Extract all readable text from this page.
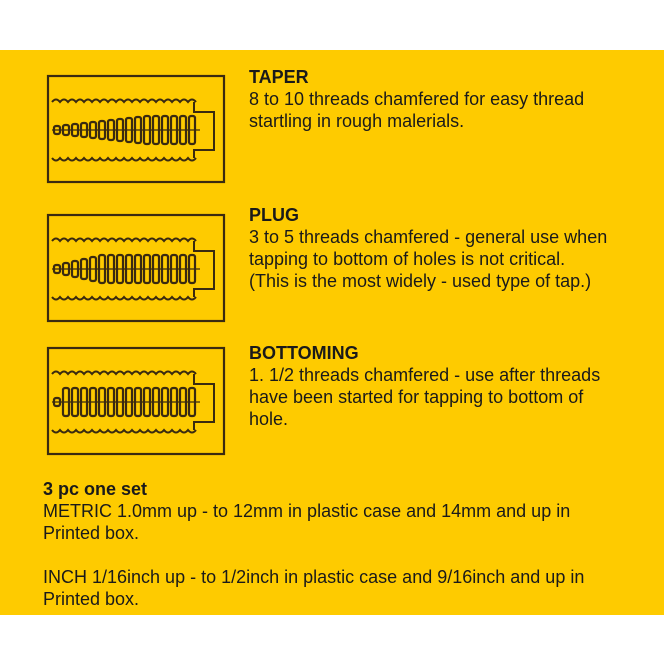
TAPER
8 to 10 threads chamfered for easy thread
startling in rough malerials.
PLUG
3 to 5 threads chamfered - general use when
tapping to bottom of holes is not critical.
(This is the most widely - used type of tap.)
BOTTOMING
1. 1/2 threads chamfered - use after threads
have been started for tapping to bottom of
hole.
3 pc one set
METRIC 1.0mm up - to 12mm in plastic case and 14mm and up in
Printed box.
INCH 1/16inch up - to 1/2inch in plastic case and 9/16inch and up in
Printed box.
